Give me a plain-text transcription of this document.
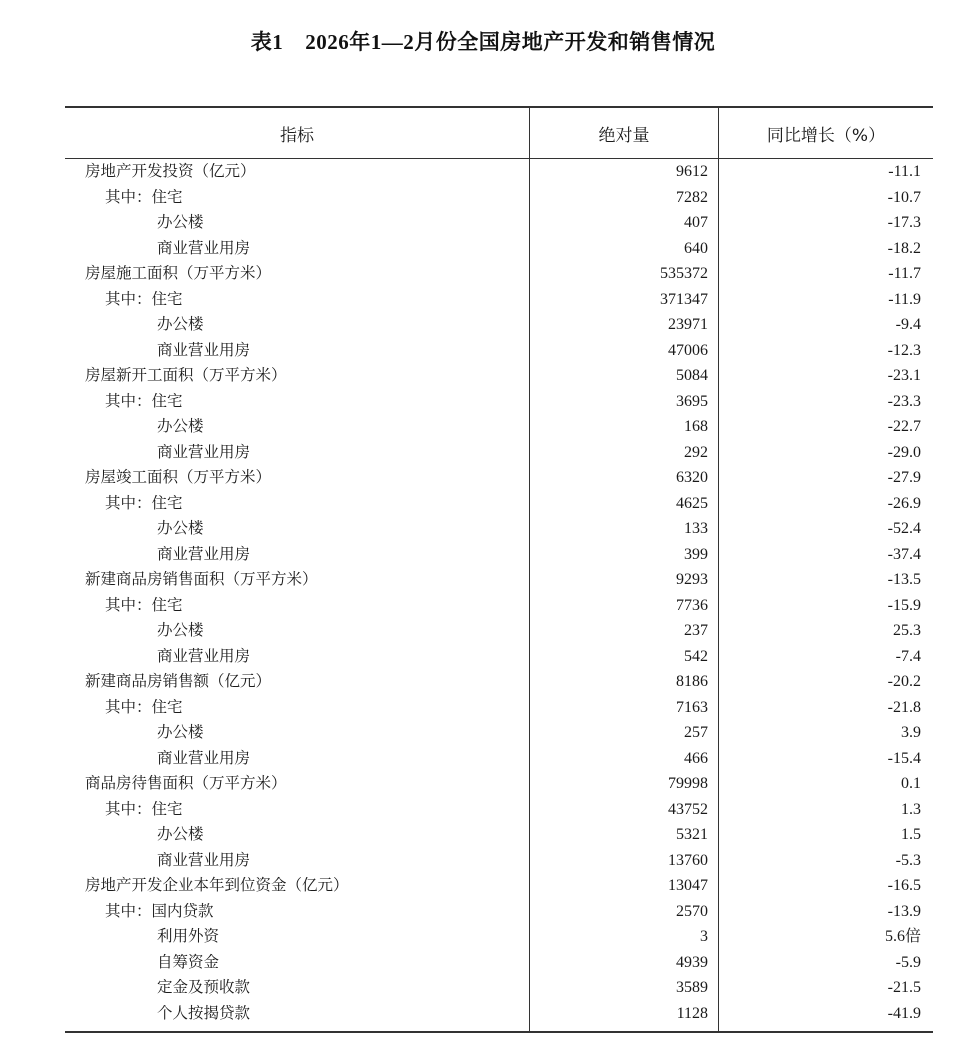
表1 2026年1—2月份全国房地产开发和销售情况
指标	绝对量	同比增长（%）
房地产开发投资（亿元）	9612	-11.1
其中：住宅	7282	-10.7
办公楼	407	-17.3
商业营业用房	640	-18.2
房屋施工面积（万平方米）	535372	-11.7
其中：住宅	371347	-11.9
办公楼	23971	-9.4
商业营业用房	47006	-12.3
房屋新开工面积（万平方米）	5084	-23.1
其中：住宅	3695	-23.3
办公楼	168	-22.7
商业营业用房	292	-29.0
房屋竣工面积（万平方米）	6320	-27.9
其中：住宅	4625	-26.9
办公楼	133	-52.4
商业营业用房	399	-37.4
新建商品房销售面积（万平方米）	9293	-13.5
其中：住宅	7736	-15.9
办公楼	237	25.3
商业营业用房	542	-7.4
新建商品房销售额（亿元）	8186	-20.2
其中：住宅	7163	-21.8
办公楼	257	3.9
商业营业用房	466	-15.4
商品房待售面积（万平方米）	79998	0.1
其中：住宅	43752	1.3
办公楼	5321	1.5
商业营业用房	13760	-5.3
房地产开发企业本年到位资金（亿元）	13047	-16.5
其中：国内贷款	2570	-13.9
利用外资	3	5.6倍
自筹资金	4939	-5.9
定金及预收款	3589	-21.5
个人按揭贷款	1128	-41.9
